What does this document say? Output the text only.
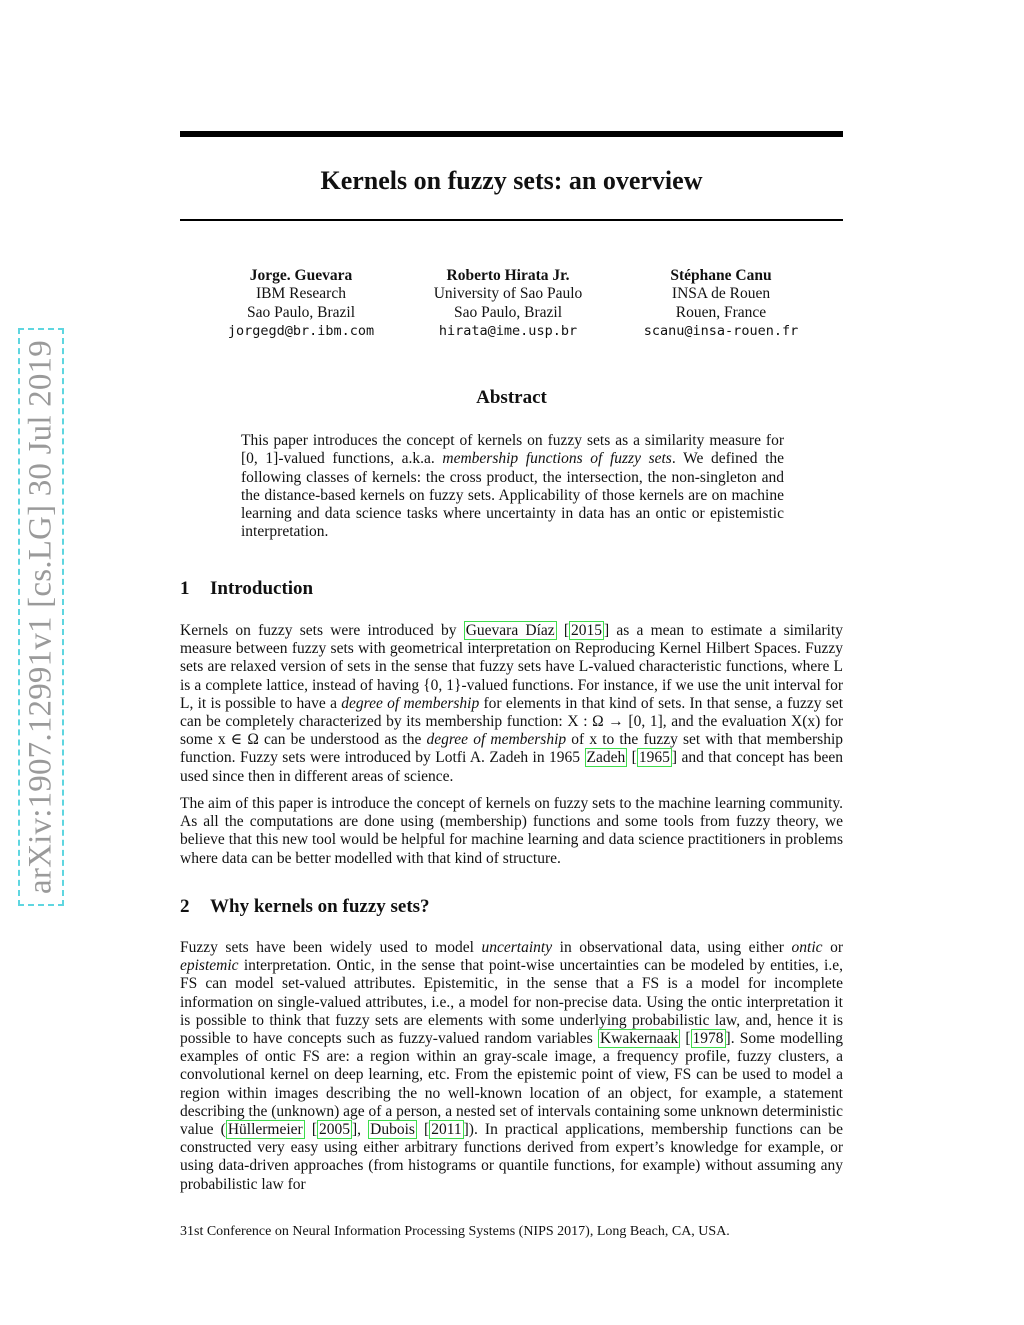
arXiv:1907.12991v1 [cs.LG] 30 Jul 2019
Kernels on fuzzy sets: an overview
Jorge. Guevara
IBM Research
Sao Paulo, Brazil
jorgegd@br.ibm.com
Roberto Hirata Jr.
University of Sao Paulo
Sao Paulo, Brazil
hirata@ime.usp.br
Stéphane Canu
INSA de Rouen
Rouen, France
scanu@insa-rouen.fr
Abstract

This paper introduces the concept of kernels on fuzzy sets as a similarity measure for [0, 1]-valued functions, a.k.a. membership functions of fuzzy sets. We defined the following classes of kernels: the cross product, the intersection, the non-singleton and the distance-based kernels on fuzzy sets. Applicability of those kernels are on machine learning and data science tasks where uncertainty in data has an ontic or epistemistic interpretation.

1 Introduction

Kernels on fuzzy sets were introduced by Guevara Díaz [ 2015 ] as a mean to estimate a similarity measure between fuzzy sets with geometrical interpretation on Reproducing Kernel Hilbert Spaces. Fuzzy sets are relaxed version of sets in the sense that fuzzy sets have L-valued characteristic functions, where L is a complete lattice, instead of having {0, 1}-valued functions. For instance, if we use the unit interval for L, it is possible to have a degree of membership for elements in that kind of sets. In that sense, a fuzzy set can be completely characterized by its membership function: X : Ω → [0, 1], and the evaluation X(x) for some x ∈ Ω can be understood as the degree of membership of x to the fuzzy set with that membership function. Fuzzy sets were introduced by Lotfi A. Zadeh in 1965 Zadeh [ 1965 ] and that concept has been used since then in different areas of science.

The aim of this paper is introduce the concept of kernels on fuzzy sets to the machine learning community. As all the computations are done using (membership) functions and some tools from fuzzy theory, we believe that this new tool would be helpful for machine learning and data science practitioners in problems where data can be better modelled with that kind of structure.

2 Why kernels on fuzzy sets?

Fuzzy sets have been widely used to model uncertainty in observational data, using either ontic or epistemic interpretation. Ontic, in the sense that point-wise uncertainties can be modeled by entities, i.e, FS can model set-valued attributes. Epistemitic, in the sense that a FS is a model for incomplete information on single-valued attributes, i.e., a model for non-precise data. Using the ontic interpretation it is possible to think that fuzzy sets are elements with some underlying probabilistic law, and, hence it is possible to have concepts such as fuzzy-valued random variables Kwakernaak [ 1978 ]. Some modelling examples of ontic FS are: a region within an gray-scale image, a frequency profile, fuzzy clusters, a convolutional kernel on deep learning, etc. From the epistemic point of view, FS can be used to model a region within images describing the no well-known location of an object, for example, a statement describing the (unknown) age of a person, a nested set of intervals containing some unknown deterministic value ( Hüllermeier [ 2005 ], Dubois [ 2011 ]). In practical applications, membership functions can be constructed very easy using either arbitrary functions derived from expert’s knowledge for example, or using data-driven approaches (from histograms or quantile functions, for example) without assuming any probabilistic law for

31st Conference on Neural Information Processing Systems (NIPS 2017), Long Beach, CA, USA.
